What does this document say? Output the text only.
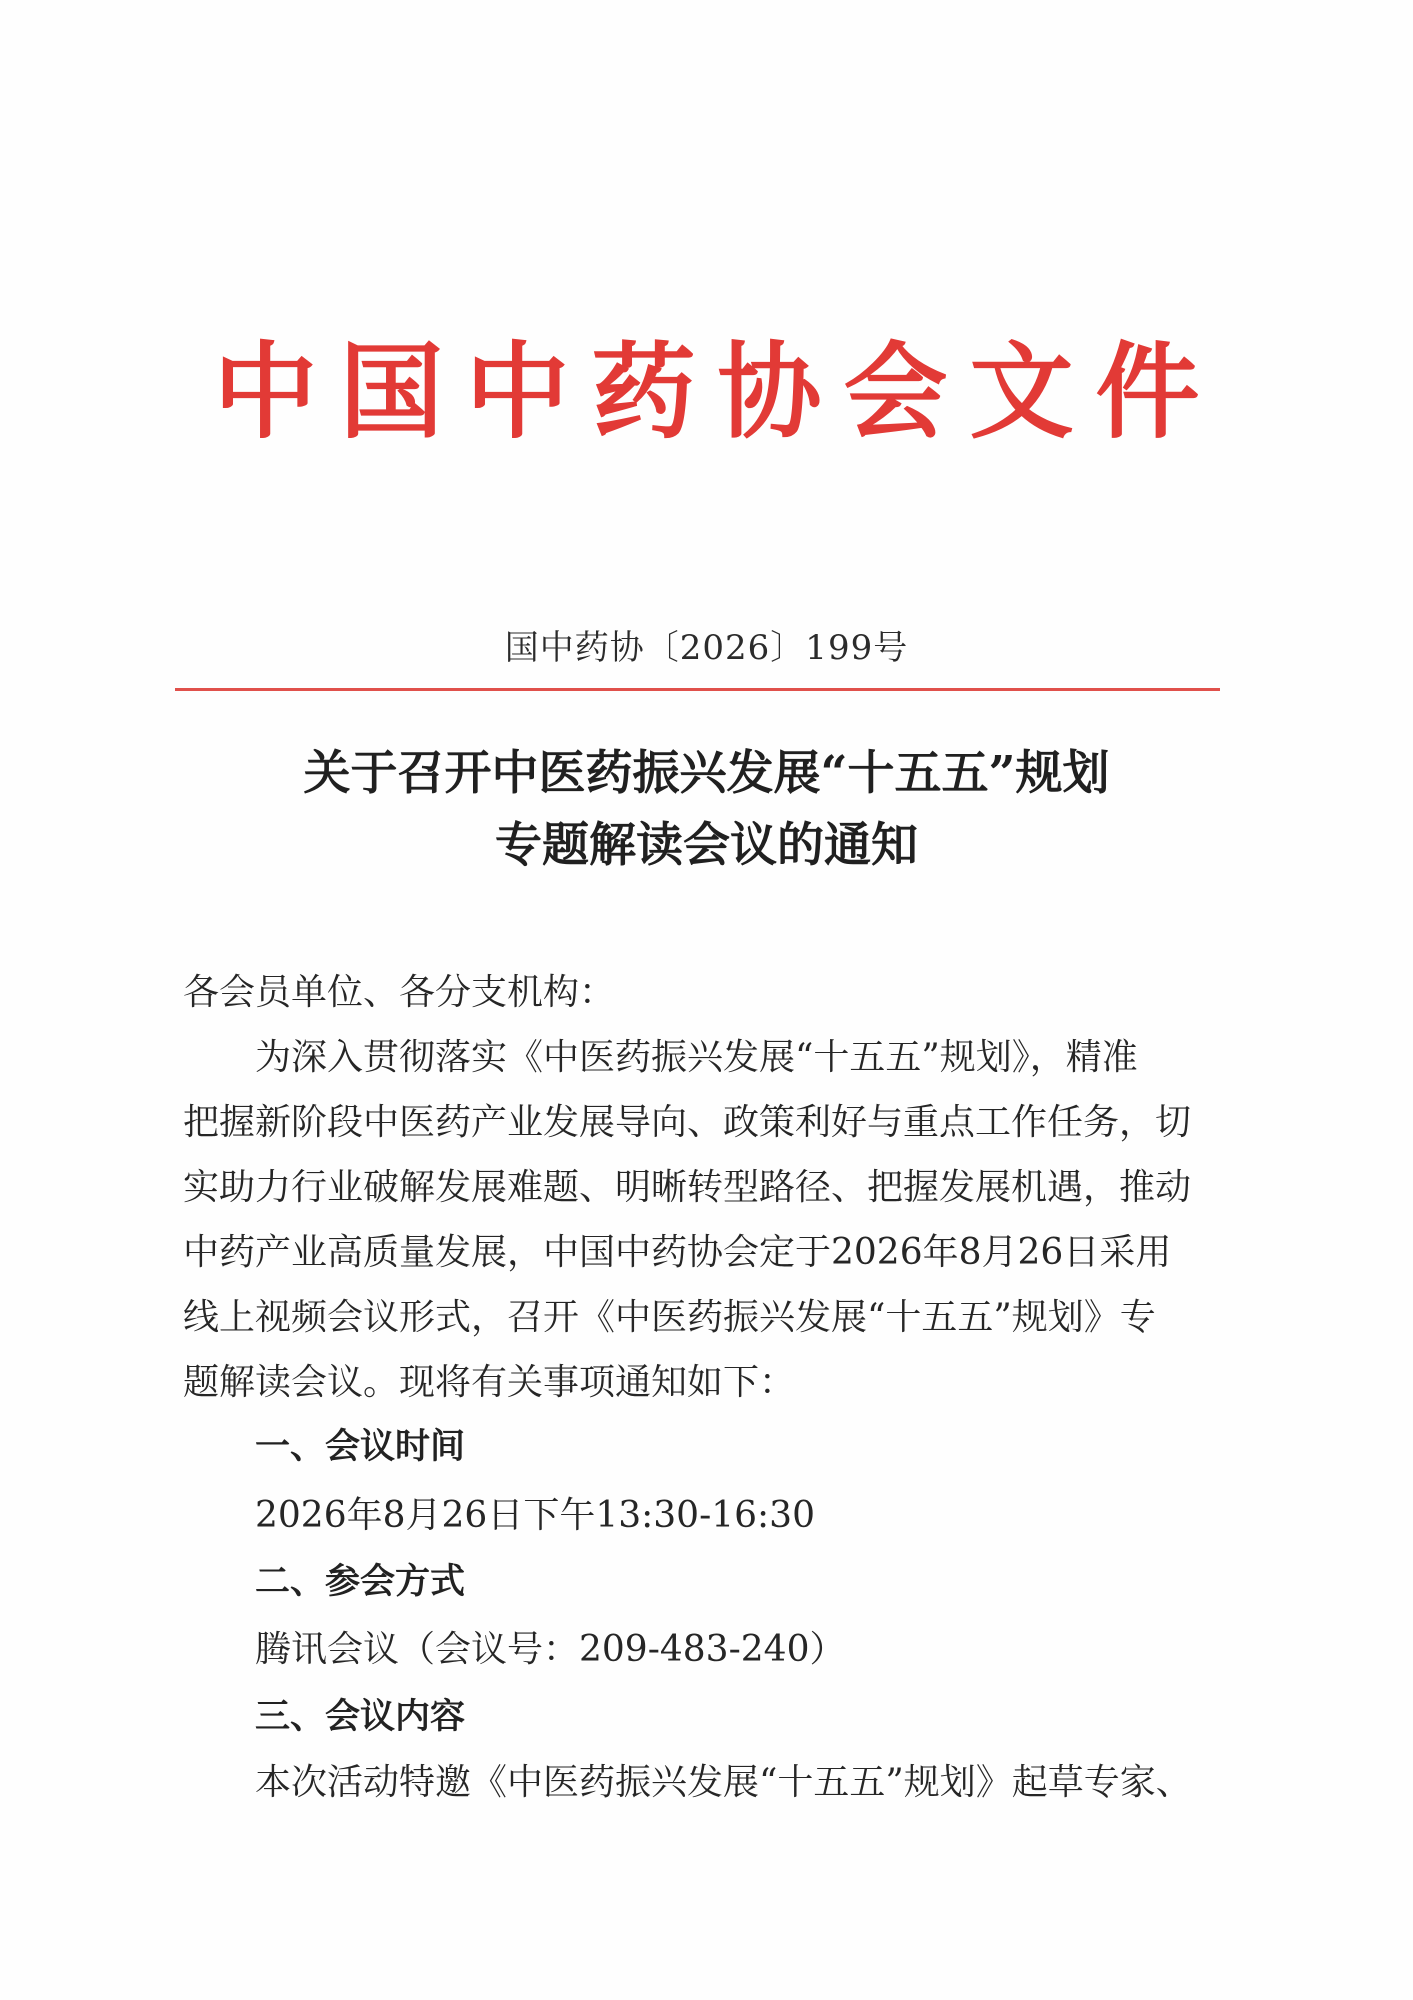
中国中药协会文件
国中药协〔2026〕199号
关于召开中医药振兴发展“十五五”规划
专题解读会议的通知
各会员单位、各分支机构：
为深入贯彻落实《中医药振兴发展“十五五”规划》，精准
把握新阶段中医药产业发展导向、政策利好与重点工作任务，切
实助力行业破解发展难题、明晰转型路径、把握发展机遇，推动
中药产业高质量发展，中国中药协会定于2026年8月26日采用
线上视频会议形式，召开《中医药振兴发展“十五五”规划》专
题解读会议。现将有关事项通知如下：
一、会议时间
2026年8月26日下午13:30-16:30
二、参会方式
腾讯会议（会议号：209-483-240）
三、会议内容
本次活动特邀《中医药振兴发展“十五五”规划》起草专家、
